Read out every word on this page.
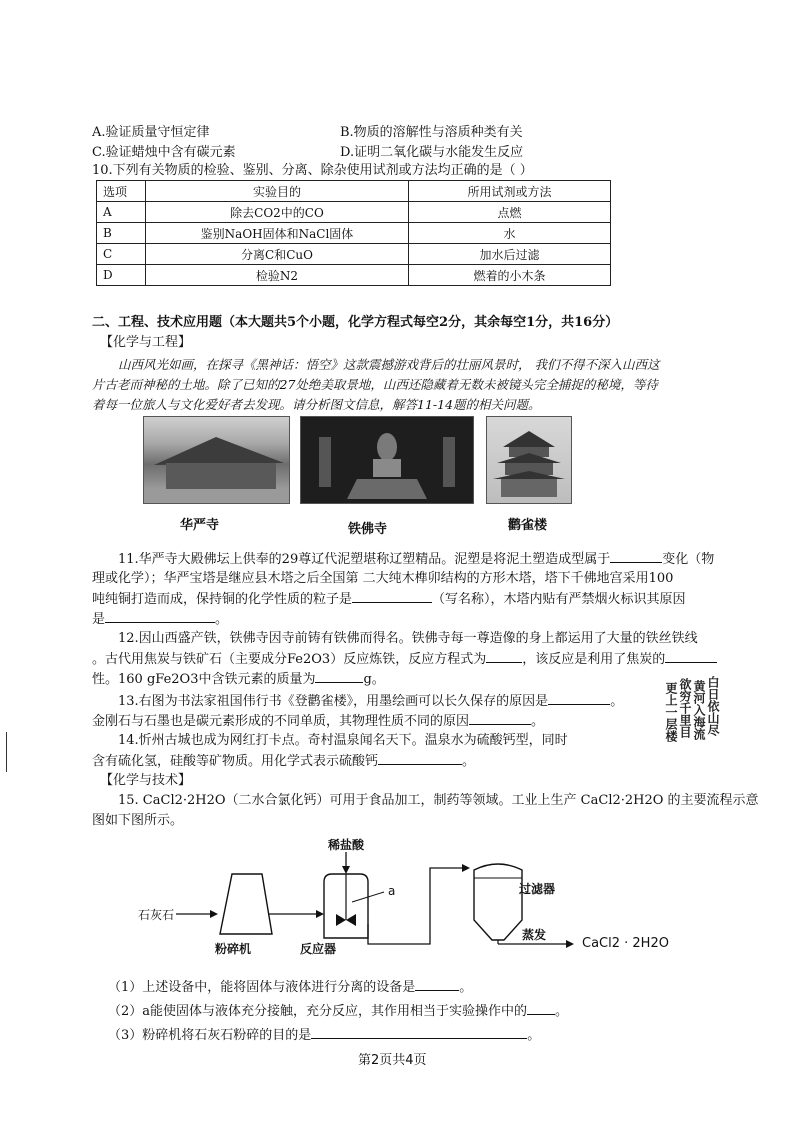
A.验证质量守恒定律	B.物质的溶解性与溶质种类有关
C.验证蜡烛中含有碳元素	D.证明二氧化碳与水能发生反应
10.下列有关物质的检验、鉴别、分离、除杂使用试剂或方法均正确的是（ ）
选项	实验目的	所用试剂或方法
A	除去CO2中的CO	点燃
B	鉴别NaOH固体和NaCl固体	水
C	分离C和CuO	加水后过滤
D	检验N2	燃着的小木条
二、工程、技术应用题（本大题共5个小题，化学方程式每空2分，其余每空1分，共16分）
【化学与工程】
山西风光如画，在探寻《黑神话：悟空》这款震撼游戏背后的壮丽风景时， 我们不得不深入山西这
片古老而神秘的土地。除了已知的27处绝美取景地，山西还隐藏着无数未被镜头完全捕捉的秘境，等待
着每一位旅人与文化爱好者去发现。请分析图文信息，解答11-14题的相关问题。
华严寺	铁佛寺	鹳雀楼
11.华严寺大殿佛坛上供奉的29尊辽代泥塑堪称辽塑精品。泥塑是将泥土塑造成型属于	变化（物
理或化学）；华严宝塔是继应县木塔之后全国第 二大纯木榫卯结构的方形木塔，塔下千佛地宫采用100
吨纯铜打造而成，保持铜的化学性质的粒子是	（写名称），木塔内贴有严禁烟火标识其原因
是	。
12.因山西盛产铁，铁佛寺因寺前铸有铁佛而得名。铁佛寺每一尊造像的身上都运用了大量的铁丝铁线
。古代用焦炭与铁矿石（主要成分Fe2O3）反应炼铁，反应方程式为	，该反应是利用了焦炭的
性。160 gFe2O3中含铁元素的质量为	g。
13.右图为书法家祖国伟行书《登鹳雀楼》，用墨绘画可以长久保存的原因是	。
金刚石与石墨也是碳元素形成的不同单质，其物理性质不同的原因	。
14.忻州古城也成为网红打卡点。奇村温泉闻名天下。温泉水为硫酸钙型，同时
含有硫化氢，硅酸等矿物质。用化学式表示硫酸钙	。
白日依山尽
黄河入海流
欲穷千里目
更上一层楼
【化学与技术】
15. CaCl2·2H2O（二水合氯化钙）可用于食品加工，制药等领域。工业上生产 CaCl2·2H2O 的主要流程示意
图如下图所示。
稀盐酸
a
石灰石
粉碎机	反应器
过滤器
蒸发
CaCl2 · 2H2O
（1）上述设备中，能将固体与液体进行分离的设备是	。
（2）a能使固体与液体充分接触，充分反应，其作用相当于实验操作中的 。
（3）粉碎机将石灰石粉碎的目的是	。
第2页共4页
